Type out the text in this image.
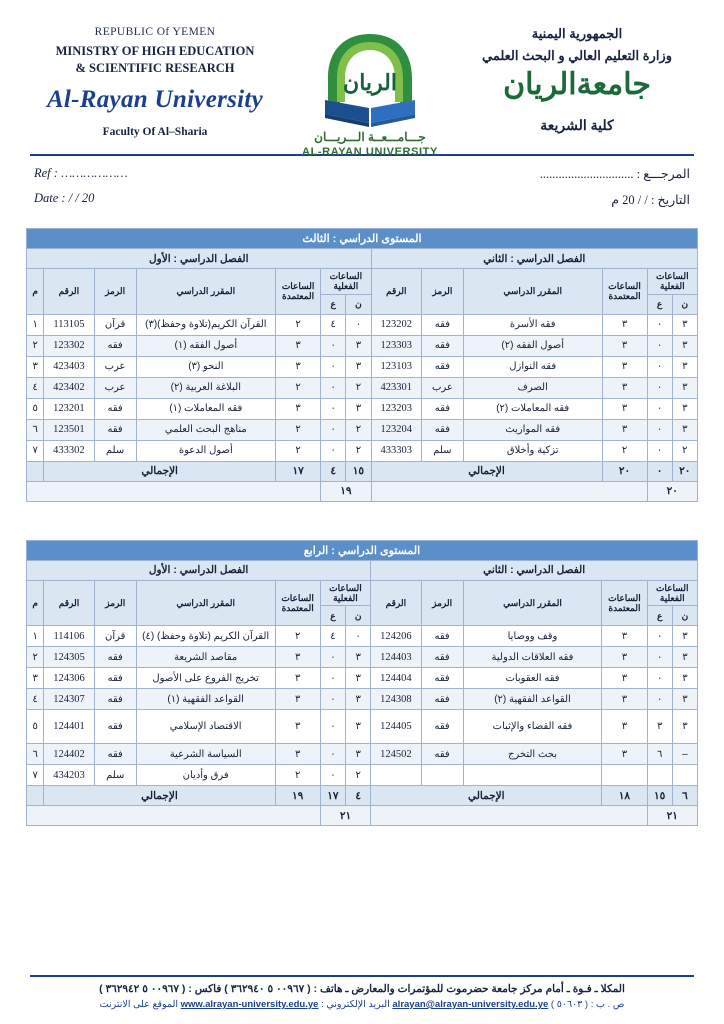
REPUBLIC Of YEMEN
MINISTRY OF HIGH EDUCATION
& SCIENTIFIC RESEARCH
Al-Rayan University
Faculty Of Al–Sharia
الريان
جـــامـــعــة الـــريـــان
AL-RAYAN UNIVERSITY
الجمهورية اليمنية
وزارة التعليم العالي و البحث العلمي
جامعةالريان
كلية الشريعة
Ref : ………………
Date : / / 20
المرجـــع : ..............................
التاريخ : / / 20 م
المستوى الدراسي : الثالث												
الفصل الدراسي : الثاني						الفصل الدراسي : الأول						
الساعات الفعلية		الساعات المعتمدة	المقرر الدراسي	الرمز	الرقم	الساعات الفعلية		الساعات المعتمدة	المقرر الدراسي	الرمز	الرقم	م
ن	ع					ن	ع					
٣	٠	٣	فقه الأسرة	فقه	123202	٠	٤	٢	القرآن الكريم(تلاوة وحفظ)(٣)	قرآن	113105	١
٣	٠	٣	أصول الفقه (٢)	فقه	123303	٣	٠	٣	أصول الفقه (١)	فقه	123302	٢
٣	٠	٣	فقه النوازل	فقه	123103	٣	٠	٣	النحو (٣)	عرب	423403	٣
٣	٠	٣	الصرف	عرب	423301	٢	٠	٢	البلاغة العربية (٢)	عرب	423402	٤
٣	٠	٣	فقه المعاملات (٢)	فقه	123203	٣	٠	٣	فقه المعاملات (١)	فقه	123201	٥
٣	٠	٣	فقه المواريث	فقه	123204	٢	٠	٢	مناهج البحث العلمي	فقه	123501	٦
٢	٠	٢	تزكية وأخلاق	سلم	433303	٢	٠	٢	أصول الدعوة	سلم	433302	٧
٢٠	٠	٢٠	الإجمالي			١٥	٤	١٧	الإجمالي			
٢٠						١٩						
المستوى الدراسي : الرابع												
الفصل الدراسي : الثاني						الفصل الدراسي : الأول						
الساعات الفعلية		الساعات المعتمدة	المقرر الدراسي	الرمز	الرقم	الساعات الفعلية		الساعات المعتمدة	المقرر الدراسي	الرمز	الرقم	م
ن	ع					ن	ع					
٣	٠	٣	وقف ووصايا	فقه	124206	٠	٤	٢	القرآن الكريم (تلاوة وحفظ) (٤)	قرآن	114106	١
٣	٠	٣	فقه العلاقات الدولية	فقه	124403	٣	٠	٣	مقاصد الشريعة	فقه	124305	٢
٣	٠	٣	فقه العقوبات	فقه	124404	٣	٠	٣	تخريج الفروع على الأصول	فقه	124306	٣
٣	٠	٣	القواعد الفقهية (٢)	فقه	124308	٣	٠	٣	القواعد الفقهية (١)	فقه	124307	٤
٣	٣	٣	فقه القضاء والإثبات	فقه	124405	٣	٠	٣	الاقتصاد الإسلامي	فقه	124401	٥
–	٦	٣	بحث التخرج	فقه	124502	٣	٠	٣	السياسة الشرعية	فقه	124402	٦
						٢	٠	٢	فرق وأديان	سلم	434203	٧
٦	١٥	١٨	الإجمالي			٤	١٧	١٩	الإجمالي			
٢١						٢١						
المكلا ـ فـوة ـ أمام مركز جامعة حضرموت للمؤتمرات والمعارض ـ هاتف : ( ٠٠٩٦٧ ٥ ٣٦٢٩٤٠ ) فاكس : ( ٠٠٩٦٧ ٥ ٣٦٢٩٤٢ )
ص . ب : ( ٥٠٦٠٣ ) alrayan@alrayan-university.edu.ye البريد الإلكتروني : www.alrayan-university.edu.ye الموقع على الانترنت
